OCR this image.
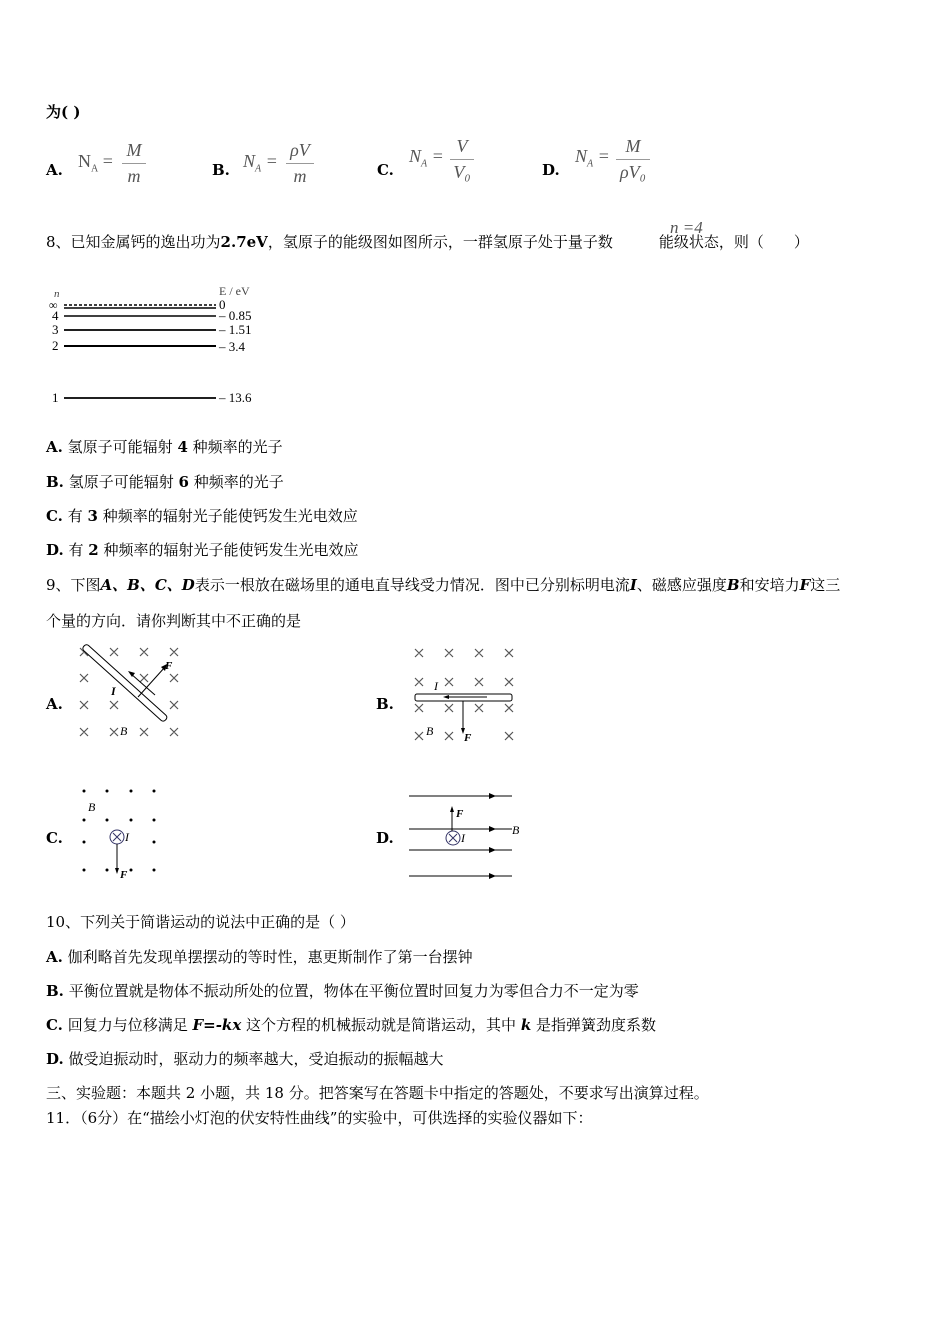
为( )
A. $N_A$ =
M
m	B. $N_A$ =
ρV
m	C.
$N_A = V$
V₀	D.
$N_A = M$
ρV₀
8、已知金属钙的逸出功为2.7eV，氢原子的能级图如图所示，一群氢原子处于量子数	能级状态，则（　　）
n =4
n	E / eV
∞	0
4	– 0.85
3	– 1.51
2	– 3.4
1	– 13.6
A. 氢原子可能辐射 4 种频率的光子
B. 氢原子可能辐射 6 种频率的光子
C. 有 3 种频率的辐射光子能使钙发生光电效应
D. 有 2 种频率的辐射光子能使钙发生光电效应
9、下图A、B、C、D表示一根放在磁场里的通电直导线受力情况．图中已分别标明电流I、磁感应强度B和安培力F这三
个量的方向．请你判断其中不正确的是
A.
F
I
B
B.
F
I
B
C.
F
I
B
D.
F
I
B
10、下列关于简谐运动的说法中正确的是（ ）
A. 伽利略首先发现单摆摆动的等时性，惠更斯制作了第一台摆钟
B. 平衡位置就是物体不振动所处的位置，物体在平衡位置时回复力为零但合力不一定为零
C. 回复力与位移满足 F=-kx 这个方程的机械振动就是简谐运动，其中 k 是指弹簧劲度系数
D. 做受迫振动时，驱动力的频率越大，受迫振动的振幅越大
三、实验题：本题共 2 小题，共 18 分。把答案写在答题卡中指定的答题处，不要求写出演算过程。
11．（6分）在“描绘小灯泡的伏安特性曲线”的实验中，可供选择的实验仪器如下：
